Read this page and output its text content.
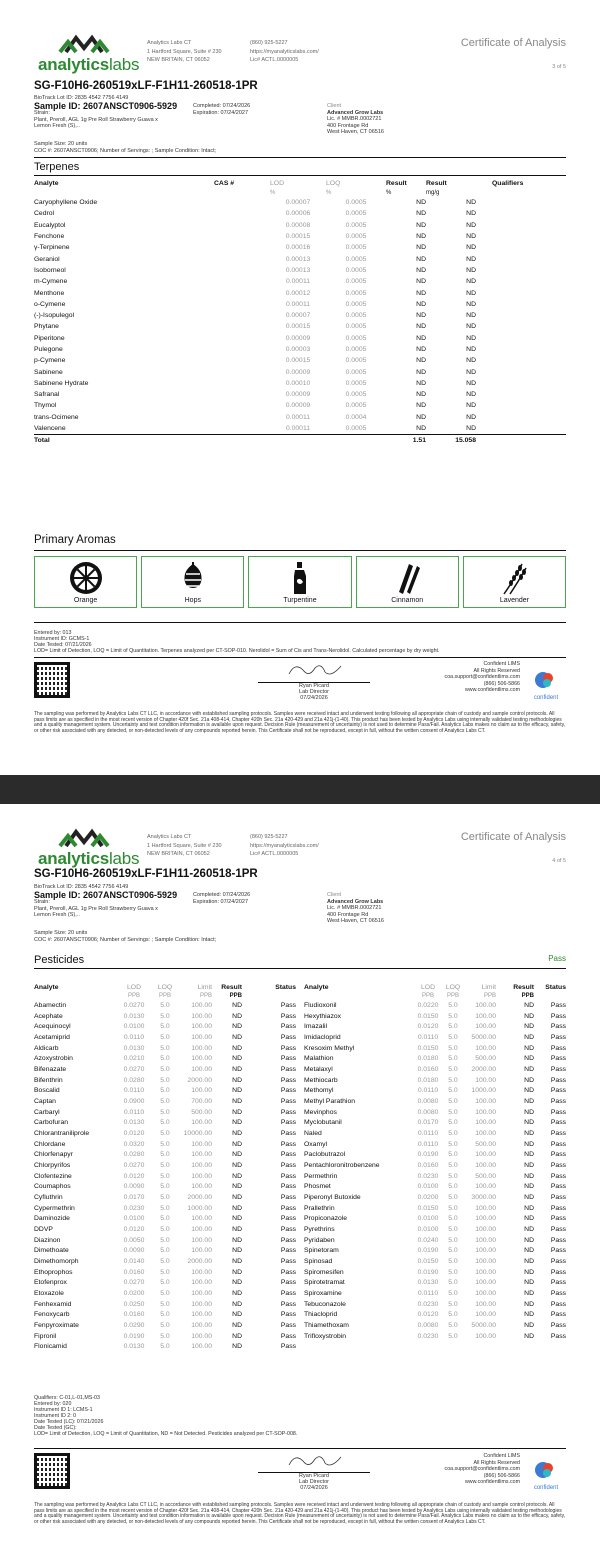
analyticslabs
Analytics Labs CT
1 Hartford Square, Suite # 230
NEW BRITAIN, CT 06052
(860) 925-5227
https://myanalyticslabs.com/
Lic# ACTL.0000005
Certificate of Analysis
3 of 5
SG-F10H6-260519xLF-F1H11-260518-1PR
BioTrack Lot ID: 2835 4542 7756 4149
Sample ID: 2607ANSCT0906-5929	Completed: 07/24/2026
Expiration: 07/24/2027
Strain:
Plant, Preroll, AGL 1g Pre Roll Strawberry Guava x
Lemon Fresh (S),..
Sample Size: 20 units
COC #: 2607ANSCT0906; Number of Servings: ; Sample Condition: Intact;
Client
Advanced Grow Labs
Lic. # MMBR.0002721
400 Frontage Rd
West Haven, CT 06516
Terpenes
Analyte	CAS #	LOD	LOQ	Result	Result	Qualifiers
		%	%	%	mg/g	
Caryophyllene Oxide		0.00007	0.0005	ND	ND	
Cedrol		0.00006	0.0005	ND	ND	
Eucalyptol		0.00008	0.0005	ND	ND	
Fenchone		0.00015	0.0005	ND	ND	
γ-Terpinene		0.00016	0.0005	ND	ND	
Geraniol		0.00013	0.0005	ND	ND	
Isoborneol		0.00013	0.0005	ND	ND	
m-Cymene		0.00011	0.0005	ND	ND	
Menthone		0.00012	0.0005	ND	ND	
o-Cymene		0.00011	0.0005	ND	ND	
(-)-Isopulegol		0.00007	0.0005	ND	ND	
Phytane		0.00015	0.0005	ND	ND	
Piperitone		0.00009	0.0005	ND	ND	
Pulegone		0.00003	0.0005	ND	ND	
p-Cymene		0.00015	0.0005	ND	ND	
Sabinene		0.00009	0.0005	ND	ND	
Sabinene Hydrate		0.00010	0.0005	ND	ND	
Safranal		0.00009	0.0005	ND	ND	
Thymol		0.00009	0.0005	ND	ND	
trans-Ocimene		0.00011	0.0004	ND	ND	
Valencene		0.00011	0.0005	ND	ND	
Total				1.51	15.058	
Primary Aromas
Orange	Hops	Turpentine	Cinnamon	Lavender
Entered by: 013
Instrument ID: GCMS-1
Date Tested: 07/21/2026
LOD= Limit of Detection, LOQ = Limit of Quantitation. Terpenes analyzed per CT-SOP-010. Nerolidol = Sum of Cis and Trans-Nerolidol. Calculated percentage by dry weight.
Ryan Picard
Lab Director
07/24/2026
Confident LIMS
All Rights Reserved
coa.support@confidentlims.com
(866) 506-5866
www.confidentlims.com
confident
The sampling was performed by Analytics Labs CT LLC, in accordance with established sampling protocols. Samples were received intact and underwent testing following all appropriate chain of custody and sample control protocols. All pass limits are as specified in the most recent version of Chapter 420f Sec. 21a 408-414, Chapter 420h Sec. 21a 420-429 and 21a 421j-(1-40). This product has been tested by Analytics Labs using internally validated testing methodologies and a quality management system. Uncertainty and test condition information is available upon request. Decision Rule (measurement of uncertainty) is not used to determine Pass/Fail. Analytics Labs makes no claim as to the efficacy, safety, or other risk associated with any detected, or non-detected levels of any compounds reported herein. This Certificate shall not be reproduced, except in full, without the written consent of Analytics Labs CT.
analyticslabs
Analytics Labs CT
1 Hartford Square, Suite # 230
NEW BRITAIN, CT 06052
(860) 925-5227
https://myanalyticslabs.com/
Lic# ACTL.0000005
Certificate of Analysis
4 of 5
SG-F10H6-260519xLF-F1H11-260518-1PR
BioTrack Lot ID: 2835 4542 7756 4149
Sample ID: 2607ANSCT0906-5929	Completed: 07/24/2026
Expiration: 07/24/2027
Strain:
Plant, Preroll, AGL 1g Pre Roll Strawberry Guava x
Lemon Fresh (S),..
Sample Size: 20 units
COC #: 2607ANSCT0906; Number of Servings: ; Sample Condition: Intact;
Client
Advanced Grow Labs
Lic. # MMBR.0002721
400 Frontage Rd
West Haven, CT 06516
Pesticides	Pass
Analyte	LOD	LOQ	Limit	Result	Status
	PPB	PPB	PPB	PPB	
Abamectin	0.0270	5.0	100.00	ND	Pass
Acephate	0.0130	5.0	100.00	ND	Pass
Acequinocyl	0.0100	5.0	100.00	ND	Pass
Acetamiprid	0.0110	5.0	100.00	ND	Pass
Aldicarb	0.0130	5.0	100.00	ND	Pass
Azoxystrobin	0.0210	5.0	100.00	ND	Pass
Bifenazate	0.0270	5.0	100.00	ND	Pass
Bifenthrin	0.0280	5.0	2000.00	ND	Pass
Boscalid	0.0110	5.0	100.00	ND	Pass
Captan	0.0900	5.0	700.00	ND	Pass
Carbaryl	0.0110	5.0	500.00	ND	Pass
Carbofuran	0.0130	5.0	100.00	ND	Pass
Chlorantraniliprole	0.0120	5.0	10000.00	ND	Pass
Chlordane	0.0320	5.0	100.00	ND	Pass
Chlorfenapyr	0.0280	5.0	100.00	ND	Pass
Chlorpyrifos	0.0270	5.0	100.00	ND	Pass
Clofentezine	0.0120	5.0	100.00	ND	Pass
Coumaphos	0.0090	5.0	100.00	ND	Pass
Cyfluthrin	0.0170	5.0	2000.00	ND	Pass
Cypermethrin	0.0230	5.0	1000.00	ND	Pass
Daminozide	0.0100	5.0	100.00	ND	Pass
DDVP	0.0120	5.0	100.00	ND	Pass
Diazinon	0.0050	5.0	100.00	ND	Pass
Dimethoate	0.0090	5.0	100.00	ND	Pass
Dimethomorph	0.0140	5.0	2000.00	ND	Pass
Ethoprophos	0.0160	5.0	100.00	ND	Pass
Etofenprox	0.0270	5.0	100.00	ND	Pass
Etoxazole	0.0200	5.0	100.00	ND	Pass
Fenhexamid	0.0250	5.0	100.00	ND	Pass
Fenoxycarb	0.0160	5.0	100.00	ND	Pass
Fenpyroximate	0.0290	5.0	100.00	ND	Pass
Fipronil	0.0190	5.0	100.00	ND	Pass
Flonicamid	0.0130	5.0	100.00	ND	Pass
Analyte	LOD	LOQ	Limit	Result	Status
	PPB	PPB	PPB	PPB	
Fludioxonil	0.0220	5.0	100.00	ND	Pass
Hexythiazox	0.0150	5.0	100.00	ND	Pass
Imazalil	0.0120	5.0	100.00	ND	Pass
Imidacloprid	0.0110	5.0	5000.00	ND	Pass
Kresoxim Methyl	0.0150	5.0	100.00	ND	Pass
Malathion	0.0180	5.0	500.00	ND	Pass
Metalaxyl	0.0160	5.0	2000.00	ND	Pass
Methiocarb	0.0180	5.0	100.00	ND	Pass
Methomyl	0.0110	5.0	1000.00	ND	Pass
Methyl Parathion	0.0080	5.0	100.00	ND	Pass
Mevinphos	0.0080	5.0	100.00	ND	Pass
Myclobutanil	0.0170	5.0	100.00	ND	Pass
Naled	0.0110	5.0	100.00	ND	Pass
Oxamyl	0.0110	5.0	500.00	ND	Pass
Paclobutrazol	0.0190	5.0	100.00	ND	Pass
Pentachloronitrobenzene	0.0160	5.0	100.00	ND	Pass
Permethrin	0.0230	5.0	500.00	ND	Pass
Phosmet	0.0100	5.0	100.00	ND	Pass
Piperonyl Butoxide	0.0200	5.0	3000.00	ND	Pass
Prallethrin	0.0150	5.0	100.00	ND	Pass
Propiconazole	0.0100	5.0	100.00	ND	Pass
Pyrethrins	0.0100	5.0	100.00	ND	Pass
Pyridaben	0.0240	5.0	100.00	ND	Pass
Spinetoram	0.0190	5.0	100.00	ND	Pass
Spinosad	0.0150	5.0	100.00	ND	Pass
Spiromesifen	0.0190	5.0	100.00	ND	Pass
Spirotetramat	0.0130	5.0	100.00	ND	Pass
Spiroxamine	0.0110	5.0	100.00	ND	Pass
Tebuconazole	0.0230	5.0	100.00	ND	Pass
Thiacloprid	0.0120	5.0	100.00	ND	Pass
Thiamethoxam	0.0080	5.0	5000.00	ND	Pass
Trifloxystrobin	0.0230	5.0	100.00	ND	Pass
Qualifiers: C-01,L-01,MS-03
Entered by: 020
Instrument ID 1: LCMS-1
Instrument ID 2: 0
Date Tested (LC): 07/21/2026
Date Tested (GC):
LOD= Limit of Detection, LOQ = Limit of Quantitation, ND = Not Detected. Pesticides analyzed per CT-SOP-008.
Ryan Picard
Lab Director
07/24/2026
Confident LIMS
All Rights Reserved
coa.support@confidentlims.com
(866) 506-5866
www.confidentlims.com
confident
The sampling was performed by Analytics Labs CT LLC, in accordance with established sampling protocols. Samples were received intact and underwent testing following all appropriate chain of custody and sample control protocols. All pass limits are as specified in the most recent version of Chapter 420f Sec. 21a 408-414, Chapter 420h Sec. 21a 420-429 and 21a 421j-(1-40). This product has been tested by Analytics Labs using internally validated testing methodologies and a quality management system. Uncertainty and test condition information is available upon request. Decision Rule (measurement of uncertainty) is not used to determine Pass/Fail. Analytics Labs makes no claim as to the efficacy, safety, or other risk associated with any detected, or non-detected levels of any compounds reported herein. This Certificate shall not be reproduced, except in full, without the written consent of Analytics Labs CT.
